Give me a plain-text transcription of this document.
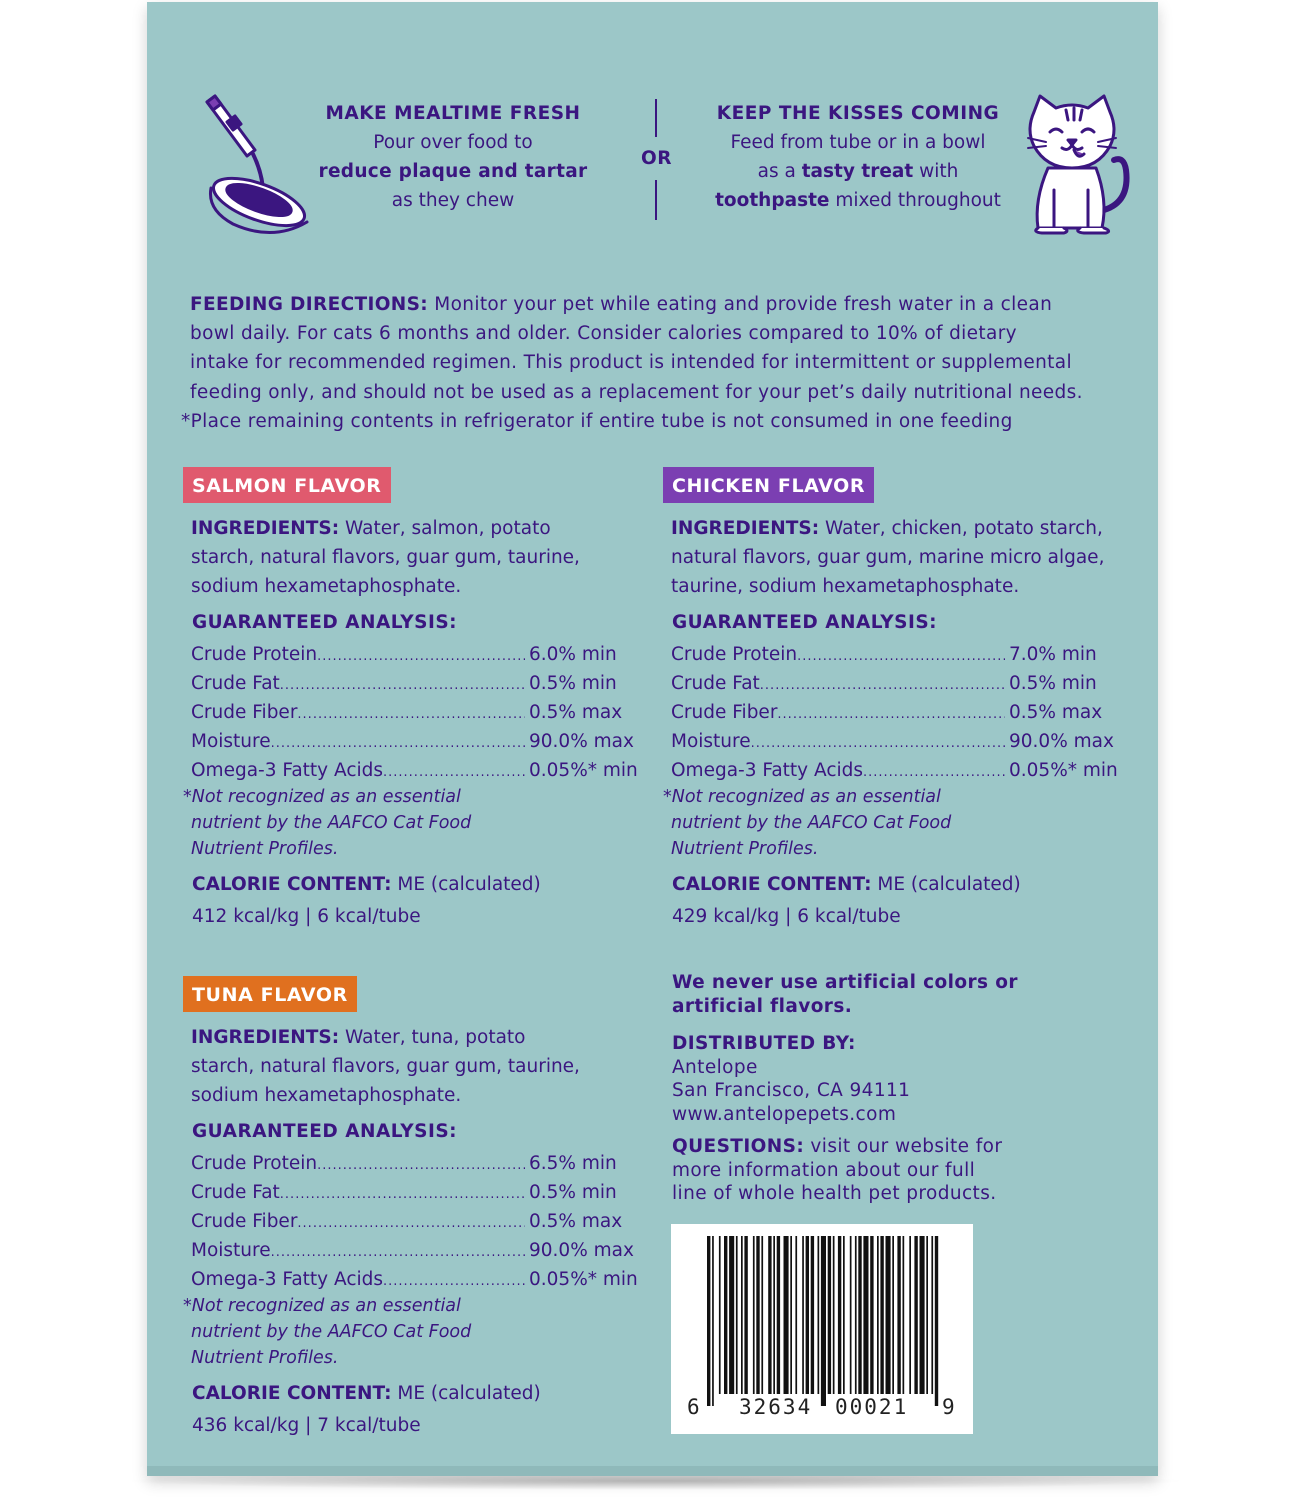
MAKE MEALTIME FRESH
Pour over food to
reduce plaque and tartar
as they chew
OR
KEEP THE KISSES COMING
Feed from tube or in a bowl
as a tasty treat with
toothpaste mixed throughout
FEEDING DIRECTIONS: Monitor your pet while eating and provide fresh water in a clean
bowl daily. For cats 6 months and older. Consider calories compared to 10% of dietary
intake for recommended regimen. This product is intended for intermittent or supplemental
feeding only, and should not be used as a replacement for your pet’s daily nutritional needs.
*Place remaining contents in refrigerator if entire tube is not consumed in one feeding
SALMON FLAVOR
INGREDIENTS: Water, salmon, potato
starch, natural flavors, guar gum, taurine,
sodium hexametaphosphate.
GUARANTEED ANALYSIS:
Crude Protein .....	6.0% min
Crude Fat .....	0.5% min
Crude Fiber .....	0.5% max
Moisture .....	90.0% max
Omega-3 Fatty Acids .....	0.05%* min
*Not recognized as an essential
nutrient by the AAFCO Cat Food
Nutrient Profiles.
CALORIE CONTENT: ME (calculated)
412 kcal/kg | 6 kcal/tube
CHICKEN FLAVOR
INGREDIENTS: Water, chicken, potato starch,
natural flavors, guar gum, marine micro algae,
taurine, sodium hexametaphosphate.
GUARANTEED ANALYSIS:
Crude Protein .....	7.0% min
Crude Fat .....	0.5% min
Crude Fiber .....	0.5% max
Moisture .....	90.0% max
Omega-3 Fatty Acids .....	0.05%* min
*Not recognized as an essential
nutrient by the AAFCO Cat Food
Nutrient Profiles.
CALORIE CONTENT: ME (calculated)
429 kcal/kg | 6 kcal/tube
TUNA FLAVOR
INGREDIENTS: Water, tuna, potato
starch, natural flavors, guar gum, taurine,
sodium hexametaphosphate.
GUARANTEED ANALYSIS:
Crude Protein .....	6.5% min
Crude Fat .....	0.5% min
Crude Fiber .....	0.5% max
Moisture .....	90.0% max
Omega-3 Fatty Acids .....	0.05%* min
*Not recognized as an essential
nutrient by the AAFCO Cat Food
Nutrient Profiles.
CALORIE CONTENT: ME (calculated)
436 kcal/kg | 7 kcal/tube
We never use artificial colors or
artificial flavors.
DISTRIBUTED BY:
Antelope
San Francisco, CA 94111
www.antelopepets.com
QUESTIONS: visit our website for
more information about our full
line of whole health pet products.
6 32634 00021 9
